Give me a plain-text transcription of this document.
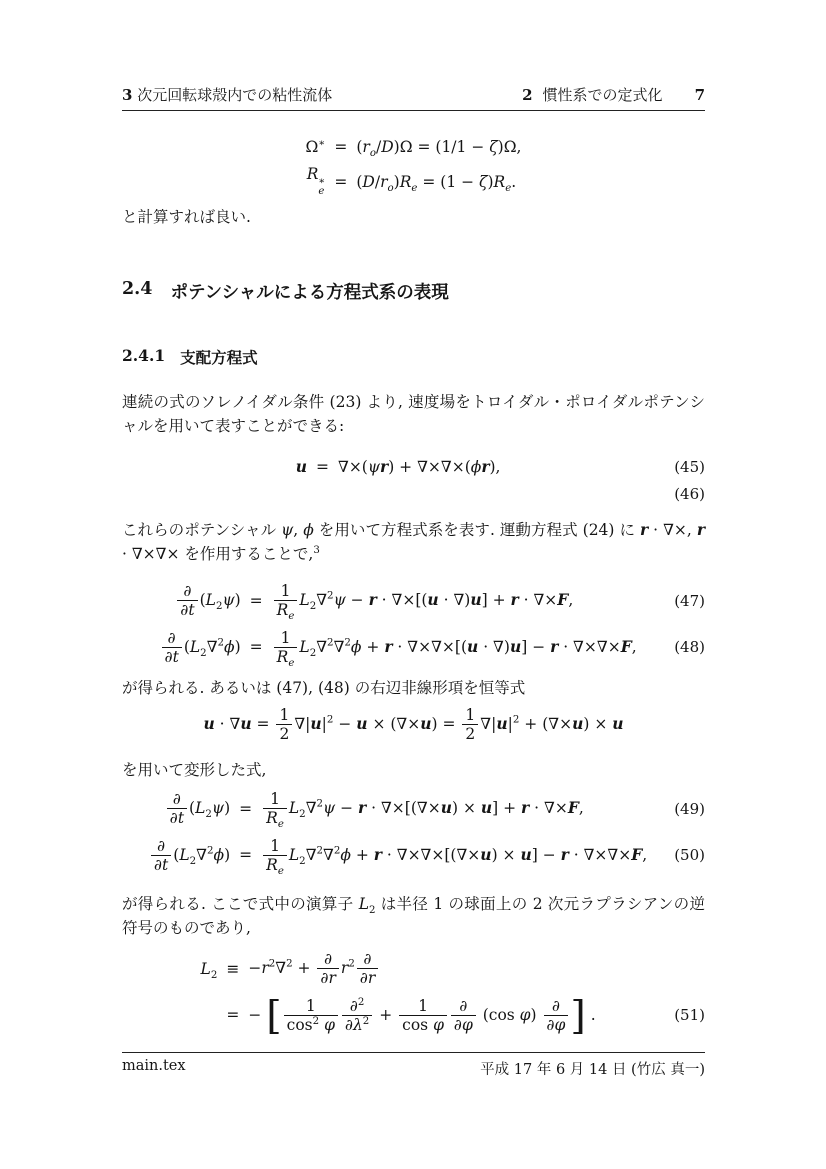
3 次元回転球殻内での粘性流体	2 慣性系での定式化 7
$\Omega^∗ = (r_o/D)\Omega = (1/1 - \zeta)\Omega$,
R ∗
e
= $(D/r_o)R_e = (1 - \zeta)R_e$.
と計算すれば良い.
2.4 ポテンシャルによる方程式系の表現
2.4.1 支配方程式
連続の式のソレノイダル条件 (23) より, 速度場をトロイダル・ポロイダルポテンシャルを用いて表すことができる:
u = ∇×(ψr) + ∇×∇×(ϕr),	(45)
(46)
これらのポテンシャル ψ, ϕ を用いて方程式系を表す. 運動方程式 (24) に r · ∇×, r · ∇×∇× を作用することで,$^3$
$\frac{\partial}{\partial t} (L_2\psi) = \frac{1}{R_e} L_2\nabla^2\psi - r \cdot \nabla\times[(u \cdot \nabla)u] + r \cdot \nabla\times F$,	(47)
$\frac{\partial}{\partial t} (L_2\nabla^2\phi) = \frac{1}{R_e} L_2\nabla^2\nabla^2\phi + r \cdot \nabla\times\nabla\times[(u \cdot \nabla)u] - r \cdot \nabla\times\nabla\times F$,	(48)
が得られる. あるいは (47), (48) の右辺非線形項を恒等式
$u \cdot \nabla u = \frac{1}{2} \nabla|u|^2 - u \times (\nabla\times u) = \frac{1}{2} \nabla|u|^2 + (\nabla\times u) \times u$
を用いて変形した式,
$\frac{\partial}{\partial t} (L_2\psi) = \frac{1}{R_e} L_2\nabla^2\psi - r \cdot \nabla\times[(\nabla\times u) \times u] + r \cdot \nabla\times F$,	(49)
$\frac{\partial}{\partial t} (L_2\nabla^2\phi) = \frac{1}{R_e} L_2\nabla^2\nabla^2\phi + r \cdot \nabla\times\nabla\times[(\nabla\times u) \times u] - r \cdot \nabla\times\nabla\times F$, (50)
が得られる. ここで式中の演算子 $L_2$ は半径 1 の球面上の 2 次元ラプラシアンの逆符号のものであり,
$L_2 \equiv -r^2\nabla^2 + \frac{\partial}{\partial r} r^2 \frac{\partial}{\partial r}$
= − [ $\frac{1}{\cos^2 \varphi} \frac{\partial^2}{\partial\lambda^2} + \frac{1}{\text{cos φ}} \frac{\partial}{\partial\varphi} (\cos$ $\varphi) \frac{\partial}{\partial\varphi}$ ] .	(51)
main.tex	平成 17 年 6 月 14 日 (竹広 真一)
